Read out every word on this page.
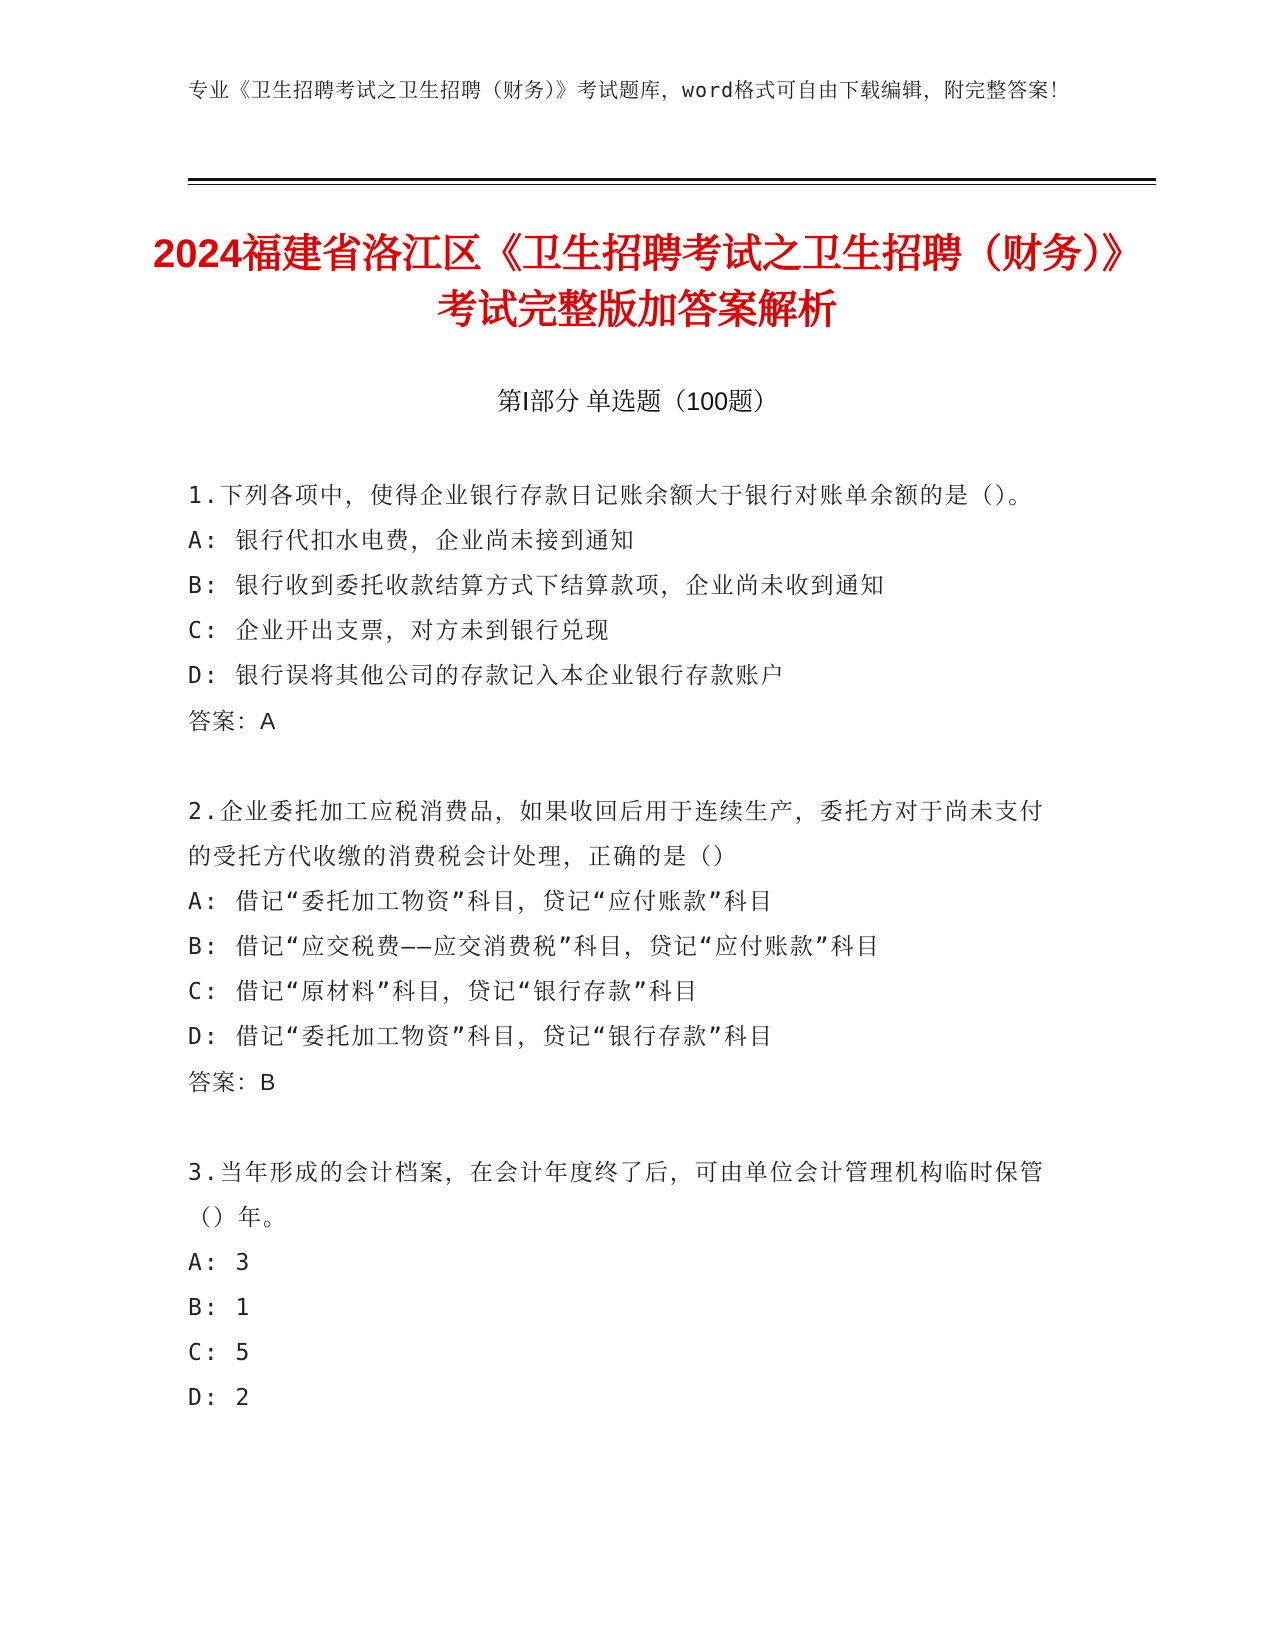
专业《卫生招聘考试之卫生招聘（财务）》考试题库，word格式可自由下载编辑，附完整答案！
2024福建省洛江区《卫生招聘考试之卫生招聘（财务）》考试完整版加答案解析
第Ⅰ部分 单选题（100题）
1.下列各项中，使得企业银行存款日记账余额大于银行对账单余额的是（）。
A: 银行代扣水电费，企业尚未接到通知
B: 银行收到委托收款结算方式下结算款项，企业尚未收到通知
C: 企业开出支票，对方未到银行兑现
D: 银行误将其他公司的存款记入本企业银行存款账户
答案：A
2.企业委托加工应税消费品，如果收回后用于连续生产，委托方对于尚未支付的受托方代收缴的消费税会计处理，正确的是（）
A: 借记“委托加工物资”科目，贷记“应付账款”科目
B: 借记“应交税费——应交消费税”科目，贷记“应付账款”科目
C: 借记“原材料”科目，贷记“银行存款”科目
D: 借记“委托加工物资”科目，贷记“银行存款”科目
答案：B
3.当年形成的会计档案，在会计年度终了后，可由单位会计管理机构临时保管（）年。
A: 3
B: 1
C: 5
D: 2
